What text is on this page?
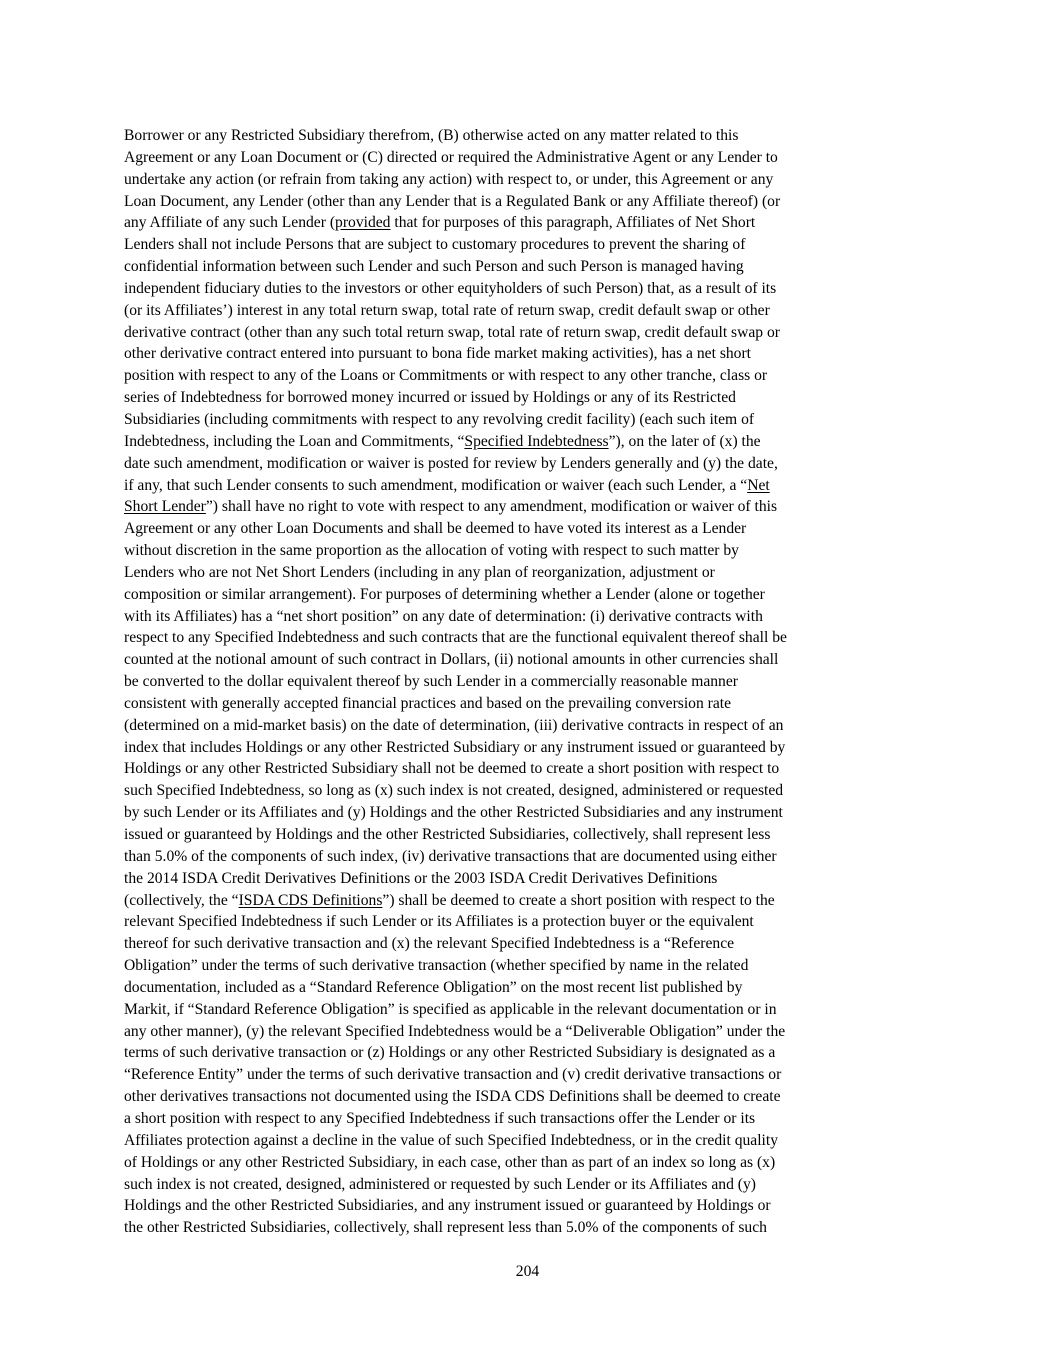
Borrower or any Restricted Subsidiary therefrom, (B) otherwise acted on any matter related to this
Agreement or any Loan Document or (C) directed or required the Administrative Agent or any Lender to
undertake any action (or refrain from taking any action) with respect to, or under, this Agreement or any
Loan Document, any Lender (other than any Lender that is a Regulated Bank or any Affiliate thereof) (or
any Affiliate of any such Lender (provided that for purposes of this paragraph, Affiliates of Net Short
Lenders shall not include Persons that are subject to customary procedures to prevent the sharing of
confidential information between such Lender and such Person and such Person is managed having
independent fiduciary duties to the investors or other equityholders of such Person) that, as a result of its
(or its Affiliates’) interest in any total return swap, total rate of return swap, credit default swap or other
derivative contract (other than any such total return swap, total rate of return swap, credit default swap or
other derivative contract entered into pursuant to bona fide market making activities), has a net short
position with respect to any of the Loans or Commitments or with respect to any other tranche, class or
series of Indebtedness for borrowed money incurred or issued by Holdings or any of its Restricted
Subsidiaries (including commitments with respect to any revolving credit facility) (each such item of
Indebtedness, including the Loan and Commitments, “Specified Indebtedness”), on the later of (x) the
date such amendment, modification or waiver is posted for review by Lenders generally and (y) the date,
if any, that such Lender consents to such amendment, modification or waiver (each such Lender, a “Net
Short Lender”) shall have no right to vote with respect to any amendment, modification or waiver of this
Agreement or any other Loan Documents and shall be deemed to have voted its interest as a Lender
without discretion in the same proportion as the allocation of voting with respect to such matter by
Lenders who are not Net Short Lenders (including in any plan of reorganization, adjustment or
composition or similar arrangement). For purposes of determining whether a Lender (alone or together
with its Affiliates) has a “net short position” on any date of determination: (i) derivative contracts with
respect to any Specified Indebtedness and such contracts that are the functional equivalent thereof shall be
counted at the notional amount of such contract in Dollars, (ii) notional amounts in other currencies shall
be converted to the dollar equivalent thereof by such Lender in a commercially reasonable manner
consistent with generally accepted financial practices and based on the prevailing conversion rate
(determined on a mid-market basis) on the date of determination, (iii) derivative contracts in respect of an
index that includes Holdings or any other Restricted Subsidiary or any instrument issued or guaranteed by
Holdings or any other Restricted Subsidiary shall not be deemed to create a short position with respect to
such Specified Indebtedness, so long as (x) such index is not created, designed, administered or requested
by such Lender or its Affiliates and (y) Holdings and the other Restricted Subsidiaries and any instrument
issued or guaranteed by Holdings and the other Restricted Subsidiaries, collectively, shall represent less
than 5.0% of the components of such index, (iv) derivative transactions that are documented using either
the 2014 ISDA Credit Derivatives Definitions or the 2003 ISDA Credit Derivatives Definitions
(collectively, the “ISDA CDS Definitions”) shall be deemed to create a short position with respect to the
relevant Specified Indebtedness if such Lender or its Affiliates is a protection buyer or the equivalent
thereof for such derivative transaction and (x) the relevant Specified Indebtedness is a “Reference
Obligation” under the terms of such derivative transaction (whether specified by name in the related
documentation, included as a “Standard Reference Obligation” on the most recent list published by
Markit, if “Standard Reference Obligation” is specified as applicable in the relevant documentation or in
any other manner), (y) the relevant Specified Indebtedness would be a “Deliverable Obligation” under the
terms of such derivative transaction or (z) Holdings or any other Restricted Subsidiary is designated as a
“Reference Entity” under the terms of such derivative transaction and (v) credit derivative transactions or
other derivatives transactions not documented using the ISDA CDS Definitions shall be deemed to create
a short position with respect to any Specified Indebtedness if such transactions offer the Lender or its
Affiliates protection against a decline in the value of such Specified Indebtedness, or in the credit quality
of Holdings or any other Restricted Subsidiary, in each case, other than as part of an index so long as (x)
such index is not created, designed, administered or requested by such Lender or its Affiliates and (y)
Holdings and the other Restricted Subsidiaries, and any instrument issued or guaranteed by Holdings or
the other Restricted Subsidiaries, collectively, shall represent less than 5.0% of the components of such

204
